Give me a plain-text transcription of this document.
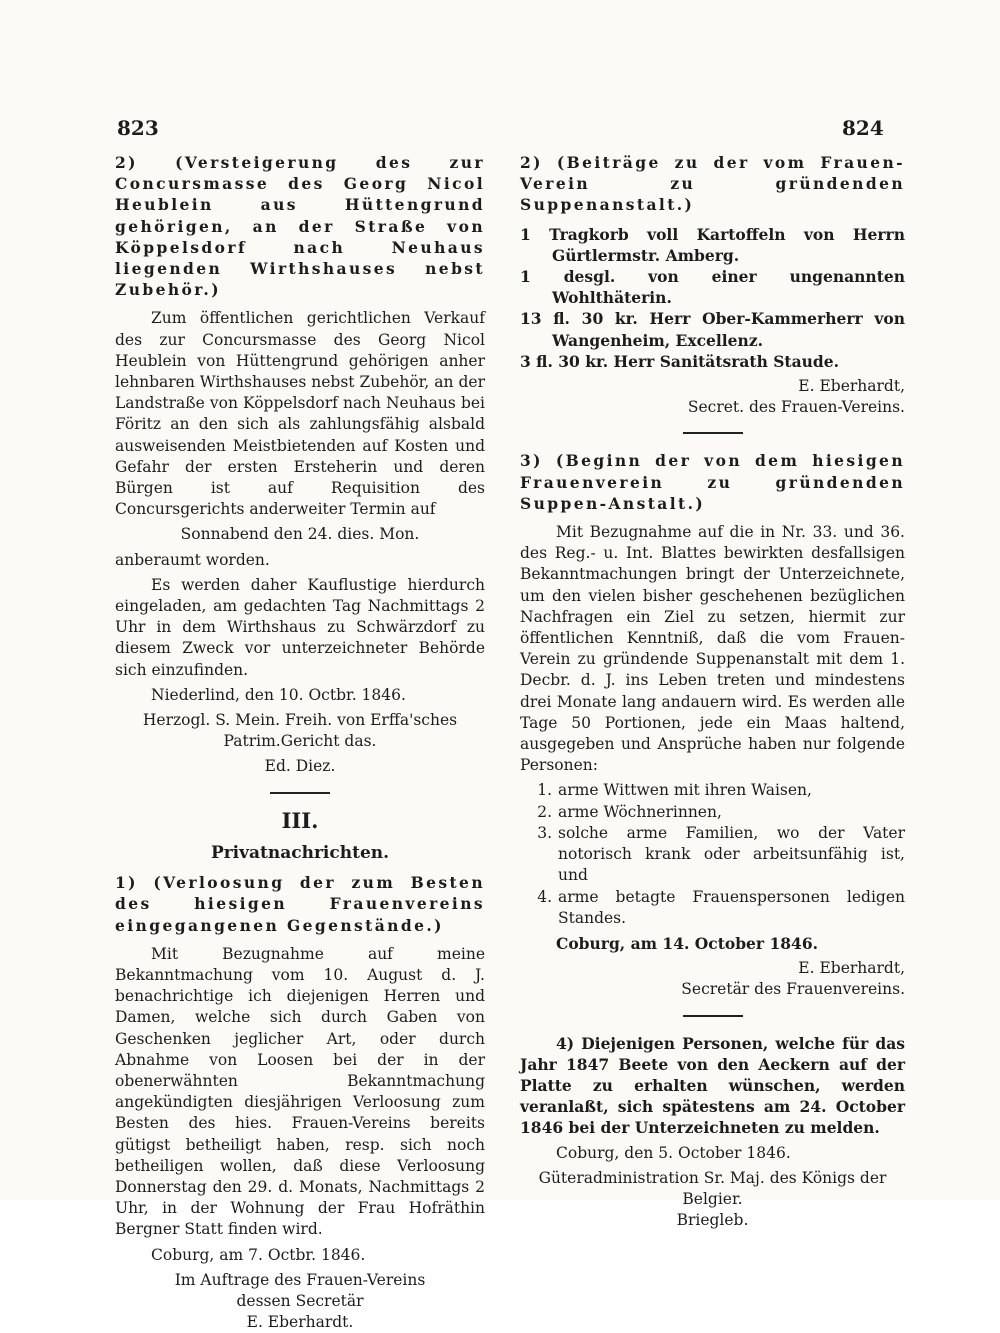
823	824

2) (Versteigerung des zur Concursmasse des Georg Nicol Heublein aus Hüttengrund gehörigen, an der Straße von Köppelsdorf nach Neuhaus liegenden Wirthshauses nebst Zubehör.)

Zum öffentlichen gerichtlichen Verkauf des zur Concursmasse des Georg Nicol Heublein von Hüttengrund gehörigen anher lehnbaren Wirthshauses nebst Zubehör, an der Landstraße von Köppelsdorf nach Neuhaus bei Föritz an den sich als zahlungsfähig alsbald ausweisenden Meistbietenden auf Kosten und Gefahr der ersten Ersteherin und deren Bürgen ist auf Requisition des Concursgerichts anderweiter Termin auf

Sonnabend den 24. dies. Mon.

anberaumt worden.

Es werden daher Kauflustige hierdurch eingeladen, am gedachten Tag Nachmittags 2 Uhr in dem Wirthshaus zu Schwärzdorf zu diesem Zweck vor unterzeichneter Behörde sich einzufinden.

Niederlind, den 10. Octbr. 1846.

Herzogl. S. Mein. Freih. von Erffa'sches

Patrim.Gericht das.

Ed. Diez.

III.

Privatnachrichten.

1) (Verloosung der zum Besten des hiesigen Frauenvereins eingegangenen Gegenstände.)

Mit Bezugnahme auf meine Bekanntmachung vom 10. August d. J. benachrichtige ich diejenigen Herren und Damen, welche sich durch Gaben von Geschenken jeglicher Art, oder durch Abnahme von Loosen bei der in der obenerwähnten Bekanntmachung angekündigten diesjährigen Verloosung zum Besten des hies. Frauen-Vereins bereits gütigst betheiligt haben, resp. sich noch betheiligen wollen, daß diese Verloosung Donnerstag den 29. d. Monats, Nachmittags 2 Uhr, in der Wohnung der Frau Hofräthin Bergner Statt finden wird.

Coburg, am 7. Octbr. 1846.

Im Auftrage des Frauen-Vereins

dessen Secretär

E. Eberhardt.

2) (Beiträge zu der vom Frauen-Verein zu gründenden Suppenanstalt.)

1 Tragkorb voll Kartoffeln von Herrn Gürtlermstr. Amberg.

1 desgl. von einer ungenannten Wohlthäterin.

13 fl. 30 kr. Herr Ober-Kammerherr von Wangenheim, Excellenz.

3 fl. 30 kr. Herr Sanitätsrath Staude.

E. Eberhardt,

Secret. des Frauen-Vereins.

3) (Beginn der von dem hiesigen Frauenverein zu gründenden Suppen-Anstalt.)

Mit Bezugnahme auf die in Nr. 33. und 36. des Reg.- u. Int. Blattes bewirkten desfallsigen Bekanntmachungen bringt der Unterzeichnete, um den vielen bisher geschehenen bezüglichen Nachfragen ein Ziel zu setzen, hiermit zur öffentlichen Kenntniß, daß die vom Frauen-Verein zu gründende Suppenanstalt mit dem 1. Decbr. d. J. ins Leben treten und mindestens drei Monate lang andauern wird. Es werden alle Tage 50 Portionen, jede ein Maas haltend, ausgegeben und Ansprüche haben nur folgende Personen:

1. arme Wittwen mit ihren Waisen,
2. arme Wöchnerinnen,
3. solche arme Familien, wo der Vater notorisch krank oder arbeitsunfähig ist, und
4. arme betagte Frauenspersonen ledigen Standes.

Coburg, am 14. October 1846.

E. Eberhardt,

Secretär des Frauenvereins.

4) Diejenigen Personen, welche für das Jahr 1847 Beete von den Aeckern auf der Platte zu erhalten wünschen, werden veranlaßt, sich spätestens am 24. October 1846 bei der Unterzeichneten zu melden.

Coburg, den 5. October 1846.

Güteradministration Sr. Maj. des Königs der

Belgier.

Briegleb.
